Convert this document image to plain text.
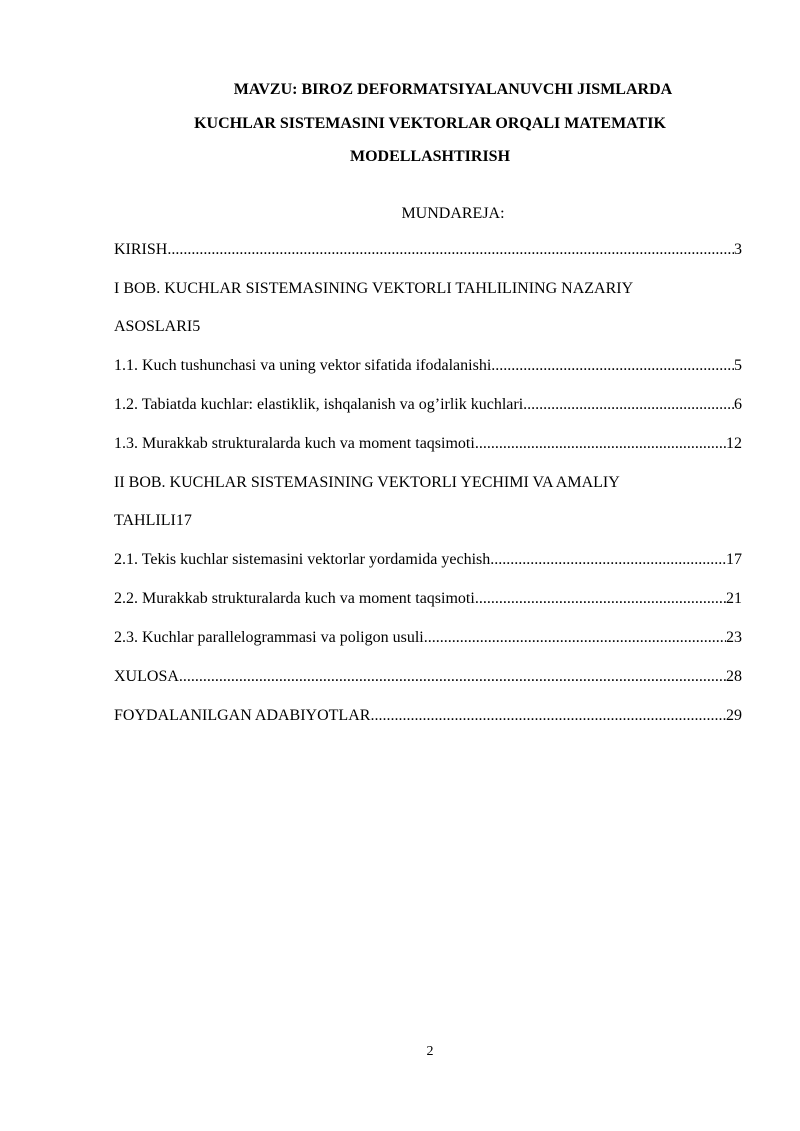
MAVZU: BIROZ DEFORMATSIYALANUVCHI JISMLARDA
KUCHLAR SISTEMASINI VEKTORLAR ORQALI MATEMATIK
MODELLASHTIRISH
MUNDAREJA:
KIRISH .....	3
I BOB. KUCHLAR SISTEMASINING VEKTORLI TAHLILINING NAZARIY
ASOSLARI 5
1.1. Kuch tushunchasi va uning vektor sifatida ifodalanishi .....	5
1.2. Tabiatda kuchlar: elastiklik, ishqalanish va og’irlik kuchlari .....	6
1.3. Murakkab strukturalarda kuch va moment taqsimoti .....	12
II BOB. KUCHLAR SISTEMASINING VEKTORLI YECHIMI VA AMALIY
TAHLILI 17
2.1. Tekis kuchlar sistemasini vektorlar yordamida yechish .....	17
2.2. Murakkab strukturalarda kuch va moment taqsimoti .....	21
2.3. Kuchlar parallelogrammasi va poligon usuli .....	23
XULOSA .....	28
FOYDALANILGAN ADABIYOTLAR .....	29
2
